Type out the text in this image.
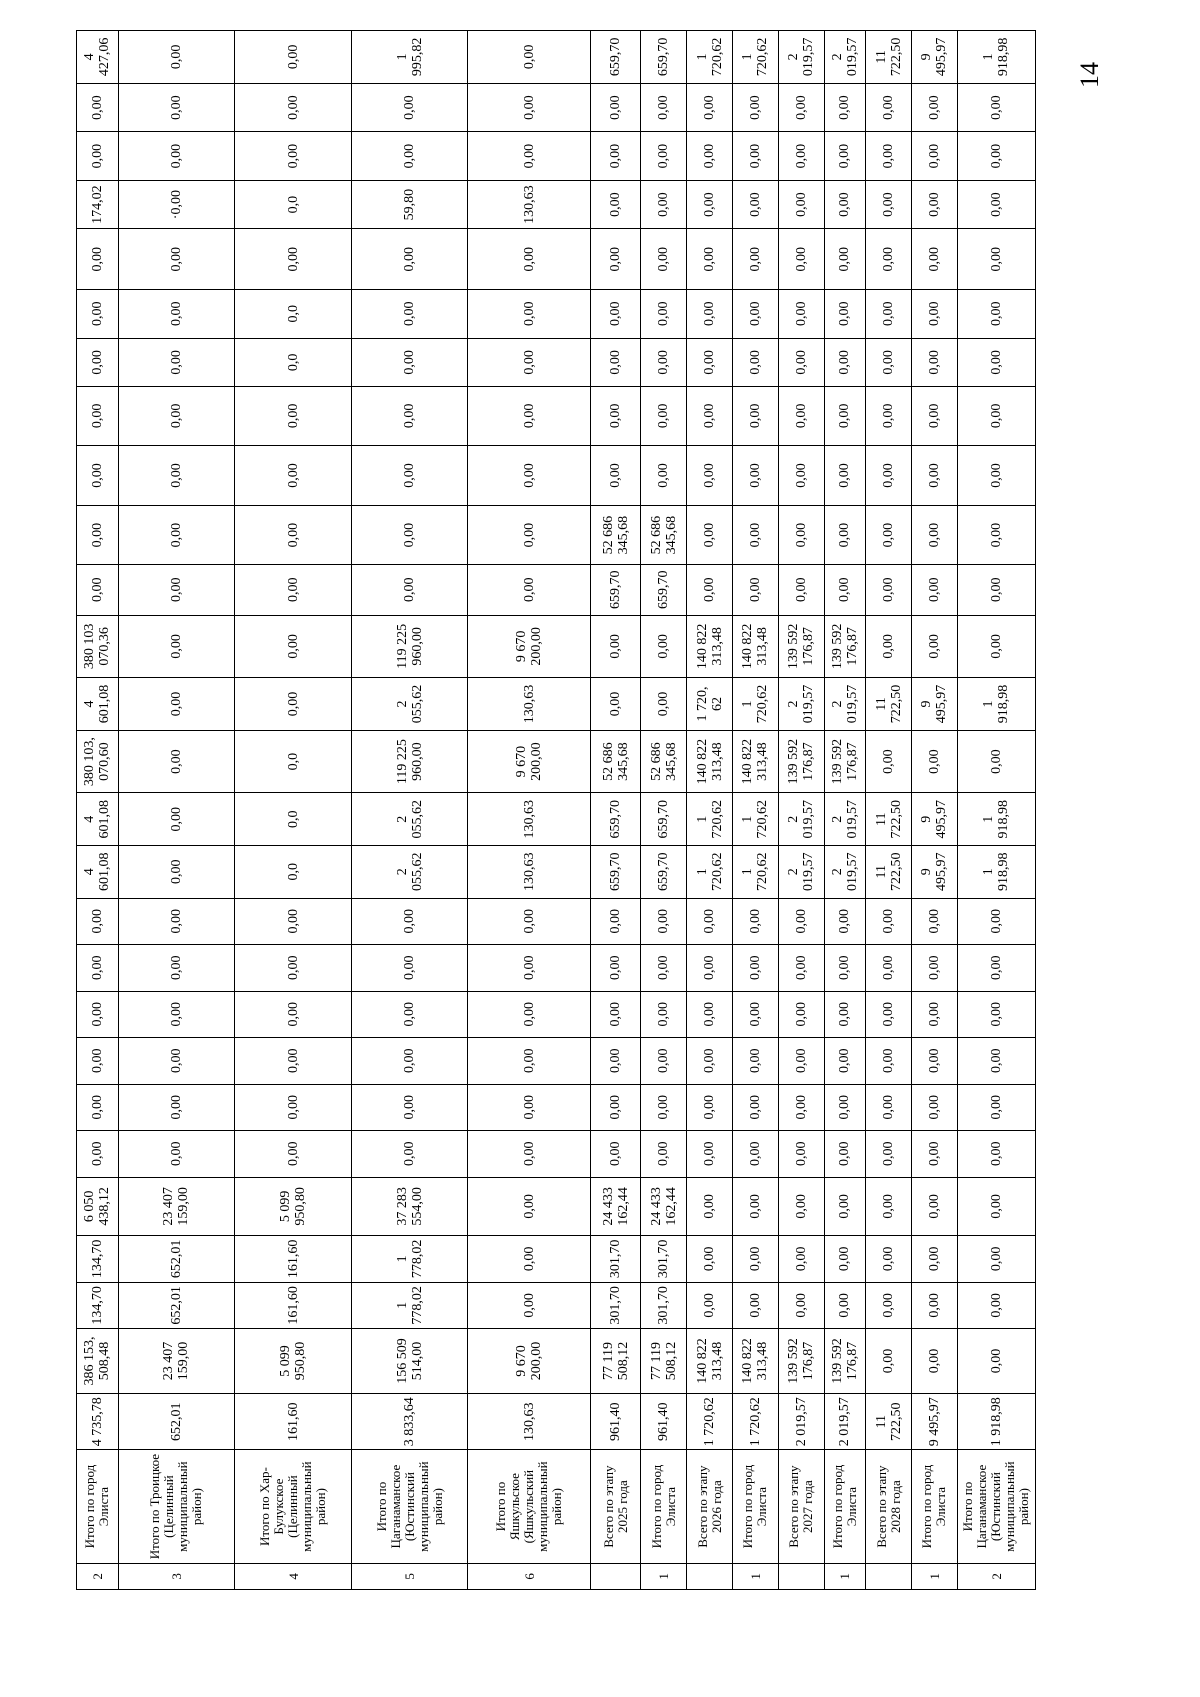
2	Итого по город Элиста	4 735,78	386 153, 508,48	134,70	134,70	6 050 438,12	0,00	0,00	0,00	0,00	0,00	0,00	4 601,08	4 601,08	380 103, 070,60	4 601,08	380 103 070,36	0,00	0,00	0,00	0,00	0,00	0,00	0,00	174,02	0,00	0,00	4 427,06
3	Итого по Троицкое (Целинный муниципальный район)	652,01	23 407 159,00	652,01	652,01	23 407 159,00	0,00	0,00	0,00	0,00	0,00	0,00	0,00	0,00	0,00	0,00	0,00	0,00	0,00	0,00	0,00	0,00	0,00	0,00	·0,00	0,00	0,00	0,00
4	Итого по Хар-Булукское (Целинный муниципальный район)	161,60	5 099 950,80	161,60	161,60	5 099 950,80	0,00	0,00	0,00	0,00	0,00	0,00	0,0	0,0	0,0	0,00	0,00	0,00	0,00	0,00	0,00	0,0	0,0	0,00	0,0	0,00	0,00	0,00
5	Итого по Цаганаманское (Юстинский муниципальный район)	3 833,64	156 509 514,00	1 778,02	1 778,02	37 283 554,00	0,00	0,00	0,00	0,00	0,00	0,00	2 055,62	2 055,62	119 225 960,00	2 055,62	119 225 960,00	0,00	0,00	0,00	0,00	0,00	0,00	0,00	59,80	0,00	0,00	1 995,82
6	Итого по Яшкульское (Яшкульский муниципальный район)	130,63	9 670 200,00	0,00	0,00	0,00	0,00	0,00	0,00	0,00	0,00	0,00	130,63	130,63	9 670 200,00	130,63	9 670 200,00	0,00	0,00	0,00	0,00	0,00	0,00	0,00	130,63	0,00	0,00	0,00
	Всего по этапу 2025 года	961,40	77 119 508,12	301,70	301,70	24 433 162,44	0,00	0,00	0,00	0,00	0,00	0,00	659,70	659,70	52 686 345,68	0,00	0,00	659,70	52 686 345,68	0,00	0,00	0,00	0,00	0,00	0,00	0,00	0,00	659,70
1	Итого по город Элиста	961,40	77 119 508,12	301,70	301,70	24 433 162,44	0,00	0,00	0,00	0,00	0,00	0,00	659,70	659,70	52 686 345,68	0,00	0,00	659,70	52 686 345,68	0,00	0,00	0,00	0,00	0,00	0,00	0,00	0,00	659,70
	Всего по этапу 2026 года	1 720,62	140 822 313,48	0,00	0,00	0,00	0,00	0,00	0,00	0,00	0,00	0,00	1 720,62	1 720,62	140 822 313,48	1 720, 62	140 822 313,48	0,00	0,00	0,00	0,00	0,00	0,00	0,00	0,00	0,00	0,00	1 720,62
1	Итого по город Элиста	1 720,62	140 822 313,48	0,00	0,00	0,00	0,00	0,00	0,00	0,00	0,00	0,00	1 720,62	1 720,62	140 822 313,48	1 720,62	140 822 313,48	0,00	0,00	0,00	0,00	0,00	0,00	0,00	0,00	0,00	0,00	1 720,62
	Всего по этапу 2027 года	2 019,57	139 592 176,87	0,00	0,00	0,00	0,00	0,00	0,00	0,00	0,00	0,00	2 019,57	2 019,57	139 592 176,87	2 019,57	139 592 176,87	0,00	0,00	0,00	0,00	0,00	0,00	0,00	0,00	0,00	0,00	2 019,57
1	Итого по город Элиста	2 019,57	139 592 176,87	0,00	0,00	0,00	0,00	0,00	0,00	0,00	0,00	0,00	2 019,57	2 019,57	139 592 176,87	2 019,57	139 592 176,87	0,00	0,00	0,00	0,00	0,00	0,00	0,00	0,00	0,00	0,00	2 019,57
	Всего по этапу 2028 года	11 722,50	0,00	0,00	0,00	0,00	0,00	0,00	0,00	0,00	0,00	0,00	11 722,50	11 722,50	0,00	11 722,50	0,00	0,00	0,00	0,00	0,00	0,00	0,00	0,00	0,00	0,00	0,00	11 722,50
1	Итого по город Элиста	9 495,97	0,00	0,00	0,00	0,00	0,00	0,00	0,00	0,00	0,00	0,00	9 495,97	9 495,97	0,00	9 495,97	0,00	0,00	0,00	0,00	0,00	0,00	0,00	0,00	0,00	0,00	0,00	9 495,97
2	Итого по Цаганаманское (Юстинский муниципальный район)	1 918,98	0,00	0,00	0,00	0,00	0,00	0,00	0,00	0,00	0,00	0,00	1 918,98	1 918,98	0,00	1 918,98	0,00	0,00	0,00	0,00	0,00	0,00	0,00	0,00	0,00	0,00	0,00	1 918,98 14
